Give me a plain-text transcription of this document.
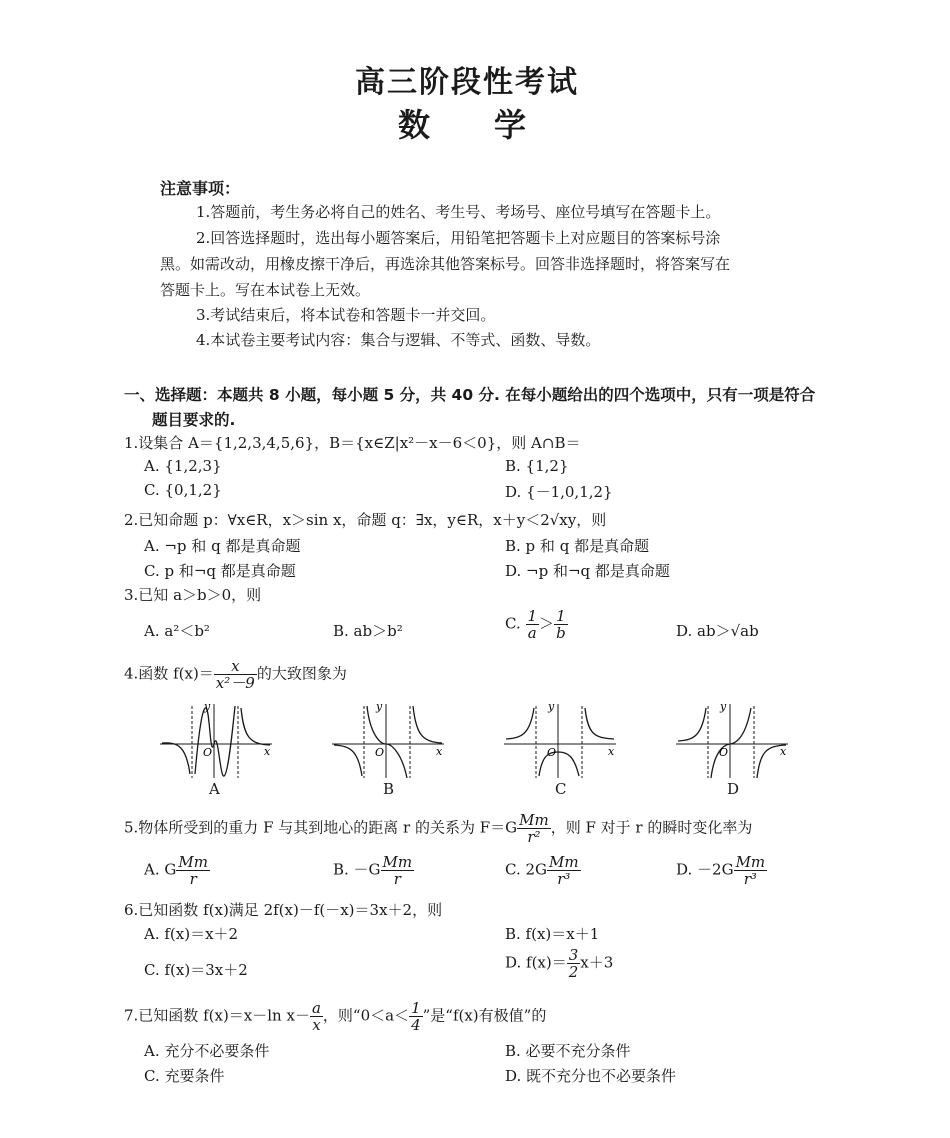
高三阶段性考试
数　　学
注意事项：
1.答题前，考生务必将自己的姓名、考生号、考场号、座位号填写在答题卡上。
2.回答选择题时，选出每小题答案后，用铅笔把答题卡上对应题目的答案标号涂
黑。如需改动，用橡皮擦干净后，再选涂其他答案标号。回答非选择题时，将答案写在
答题卡上。写在本试卷上无效。
3.考试结束后，将本试卷和答题卡一并交回。
4.本试卷主要考试内容：集合与逻辑、不等式、函数、导数。
一、选择题：本题共 8 小题，每小题 5 分，共 40 分. 在每小题给出的四个选项中，只有一项是符合
题目要求的.
1.设集合 A＝{1,2,3,4,5,6}，B＝{x∈Z|x²－x－6＜0}，则 A∩B＝
A. {1,2,3}	B. {1,2}
C. {0,1,2}	D. {－1,0,1,2}
2.已知命题 p：∀x∈R，x＞sin x，命题 q：∃x，y∈R，x＋y＜2√xy，则
A. ¬p 和 q 都是真命题	B. p 和 q 都是真命题
C. p 和¬q 都是真命题	D. ¬p 和¬q 都是真命题
3.已知 a＞b＞0，则
A. a²＜b²	B. ab＞b²	C. $\frac{1}{a} > \frac{1}{b}$	D. ab＞√ab
4.函数 $f(x)= \frac{x}{\text{x²－9}}$ 的大致图象为
y
x
O
A
y
x
O
B
y
x
O
C
y
x
O
D
5.物体所受到的重力 F 与其到地心的距离 r 的关系为 $F=G \frac{Mm}{\text{r²}}$ ，则 F 对于 r 的瞬时变化率为
A. G $\frac{Mm}{r}$	B. $-G \frac{Mm}{r}$	C. $2G \frac{Mm}{\text{r³}}$	D. $-2G \frac{Mm}{\text{r³}}$
6.已知函数 f(x)满足 2f(x)－f(－x)＝3x＋2，则
A. f(x)＝x＋2	B. f(x)＝x＋1
C. f(x)＝3x＋2	D. $f(x)= \frac{3}{2} x+3$
7.已知函数 f(x)＝x－ln $x- \frac{a}{x}$ ，则“$0<a< \frac{1}{4}$ ”是“f(x)有极值”的
A. 充分不必要条件	B. 必要不充分条件
C. 充要条件	D. 既不充分也不必要条件
